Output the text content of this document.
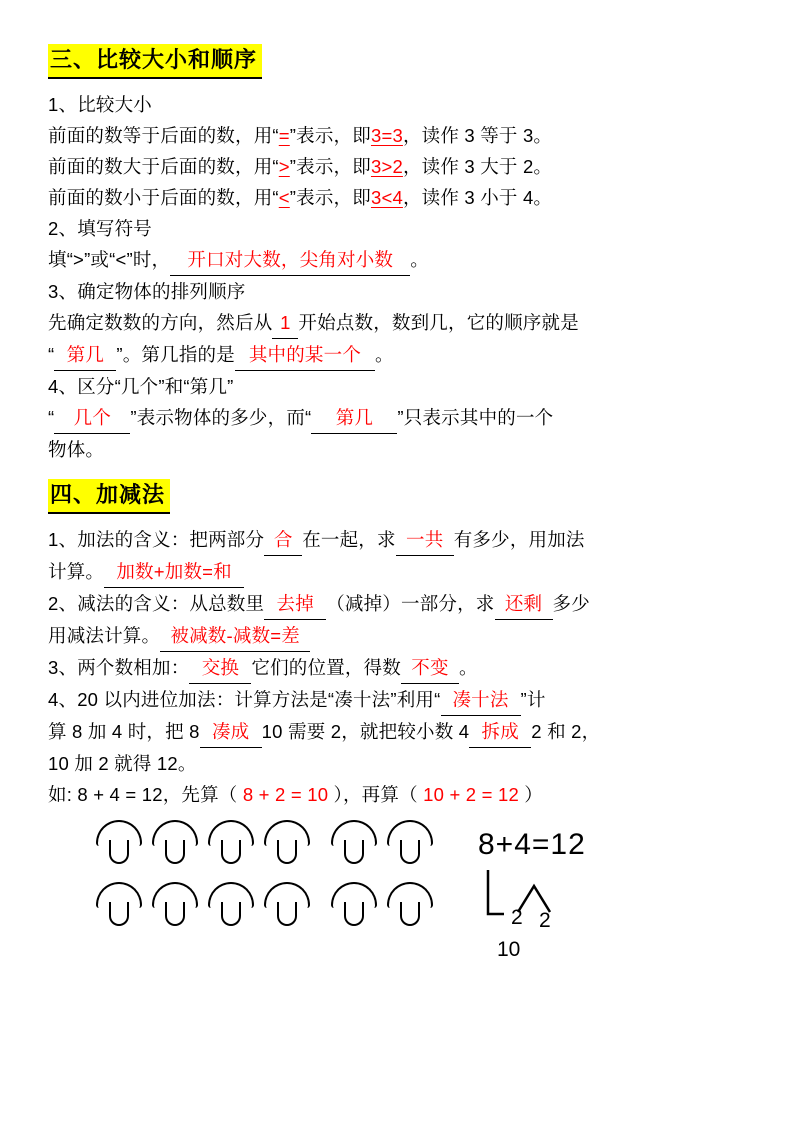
三、比较大小和顺序

1、比较大小

前面的数等于后面的数，用“=”表示，即3=3，读作 3 等于 3。

前面的数大于后面的数，用“>”表示，即3>2，读作 3 大于 2。

前面的数小于后面的数，用“<”表示，即3<4，读作 3 小于 4。

2、填写符号

填“>”或“<”时， 开口对大数，尖角对小数 。

3、确定物体的排列顺序

先确定数数的方向，然后从 1 开始点数，数到几，它的顺序就是

“ 第几 ”。第几指的是 其中的某一个 。

4、区分“几个”和“第几”

“ 几个 ”表示物体的多少，而“ 第几 ”只表示其中的一个

物体。

四、加减法

1、加法的含义：把两部分 合 在一起，求 一共 有多少，用加法

计算。 加数+加数=和

2、减法的含义：从总数里 去掉 （减掉）一部分，求 还剩 多少

用减法计算。 被减数-减数=差

3、两个数相加： 交换 它们的位置，得数 不变 。

4、20 以内进位加法：计算方法是“凑十法”利用“ 凑十法 ”计

算 8 加 4 时，把 8 凑成 10 需要 2，就把较小数 4 拆成 2 和 2，

10 加 2 就得 12。

如: 8 + 4 = 12，先算（ 8 + 2 = 10 ），再算（ 10 + 2 = 12 ）

8+4=12
2 2
10
